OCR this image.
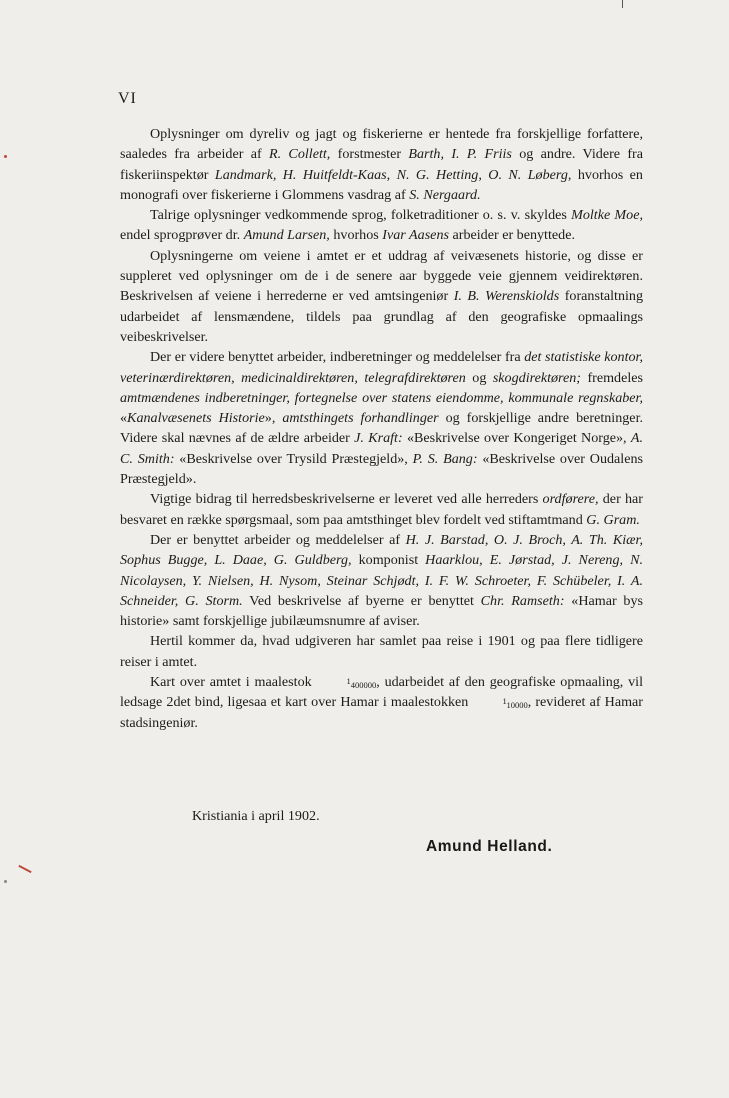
VI

Oplysninger om dyreliv og jagt og fiskerierne er hentede fra forskjellige forfattere, saaledes fra arbeider af R. Collett, forstmester Barth, I. P. Friis og andre. Videre fra fiskeriinspektør Landmark, H. Huitfeldt-Kaas, N. G. Hetting, O. N. Løberg, hvorhos en monografi over fiskerierne i Glommens vasdrag af S. Nergaard.

Talrige oplysninger vedkommende sprog, folketraditioner o. s. v. skyldes Moltke Moe, endel sprogprøver dr. Amund Larsen, hvorhos Ivar Aasens arbeider er benyttede.

Oplysningerne om veiene i amtet er et uddrag af veivæsenets historie, og disse er suppleret ved oplysninger om de i de senere aar byggede veie gjennem veidirektøren. Beskrivelsen af veiene i herrederne er ved amtsingeniør I. B. Werenskiolds foranstaltning udarbeidet af lensmændene, tildels paa grundlag af den geografiske opmaalings veibeskrivelser.

Der er videre benyttet arbeider, indberetninger og meddelelser fra det statistiske kontor, veterinærdirektøren, medicinaldirektøren, telegrafdirektøren og skogdirektøren; fremdeles amtmændenes indberetninger, fortegnelse over statens eiendomme, kommunale regnskaber, «Kanalvæsenets Historie», amtsthingets forhandlinger og forskjellige andre beretninger. Videre skal nævnes af de ældre arbeider J. Kraft: «Beskrivelse over Kongeriget Norge», A. C. Smith: «Beskrivelse over Trysild Præstegjeld», P. S. Bang: «Beskrivelse over Oudalens Præstegjeld».

Vigtige bidrag til herredsbeskrivelserne er leveret ved alle herreders ordførere, der har besvaret en række spørgsmaal, som paa amtsthinget blev fordelt ved stiftamtmand G. Gram.

Der er benyttet arbeider og meddelelser af H. J. Barstad, O. J. Broch, A. Th. Kiær, Sophus Bugge, L. Daae, G. Guldberg, komponist Haarklou, E. Jørstad, J. Nereng, N. Nicolaysen, Y. Nielsen, H. Nysom, Steinar Schjødt, I. F. W. Schroeter, F. Schübeler, I. A. Schneider, G. Storm. Ved beskrivelse af byerne er benyttet Chr. Ramseth: «Hamar bys historie» samt forskjellige jubilæumsnumre af aviser.

Hertil kommer da, hvad udgiveren har samlet paa reise i 1901 og paa flere tidligere reiser i amtet.

Kart over amtet i maalestok	1400000, udarbeidet af den geografiske opmaaling, vil ledsage 2det bind, ligesaa et kart over Hamar i maalestokken	110000, revideret af Hamar stadsingeniør.

Kristiania i april 1902.
Amund Helland.
